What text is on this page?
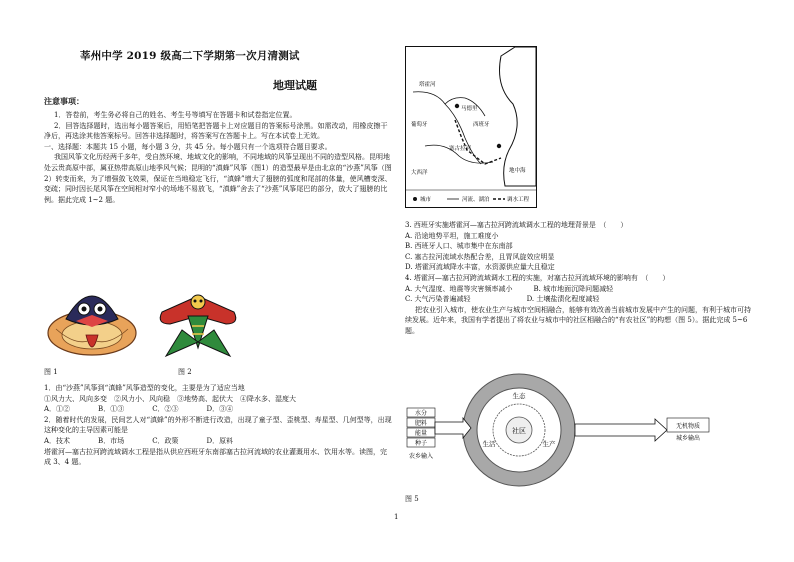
莘州中学 2019 级高二下学期第一次月清测试
地理试题
注意事项：

1．答卷前，考生务必将自己的姓名、考生号等填写在答题卡和试卷指定位置。

2．回答选择题时，选出每小题答案后，用铅笔把答题卡上对应题目的答案标号涂黑。如需改动，用橡皮擦干净后，再选涂其他答案标号。回答非选择题时，将答案写在答题卡上。写在本试卷上无效。

一、选择题：本题共 15 小题，每小题 3 分，共 45 分。每小题只有一个选项符合题目要求。

我国风筝文化历经两千多年，受自然环境、地域文化的影响，不同地域的风筝呈现出不同的造型风格。昆明地处云贵高原中部，属亚热带高原山地季风气候；昆明的“滇蜂”风筝（图1）的造型最早是由北京的“沙燕”风筝（图2）转变而来，为了增强敛飞效果，保证在当地稳定飞行，“滇蜂”增大了翅膀的弧度和尾部的体量，使风槽变深、变疏；同时因长尾风筝在空间相对窄小的场地不易放飞，“滇蜂”舍去了“沙燕”风筝尾巴的部分，放大了翅膀的比例。据此完成 1~2 题。

图 1	图 2

1．由“沙燕”风筝到“滇蜂”风筝造型的变化，主要是为了适应当地

①风力大、风向多变　②风力小、风向稳　③地势高、起伏大　④降水多、湿度大

A．①②　　　　B．①③　　　　C．②③　　　　D．③④

2．随着时代的发展，民间艺人对“滇蜂”的外形不断进行改造，出现了童子型、歪桃型、寿星型、几何型等，出现这种变化的主导因素可能是

A．技术　　　　B．市场　　　　C．政策　　　　D．原料

塔霍河—塞古拉河跨流域调水工程是指从供应西班牙东南部塞古拉河流域的农业灌溉用水、饮用水等。读图，完成 3、4 题。

马德里
塔霍河
塞古拉河
大西洋	地中海
西班牙
葡萄牙
城市	河流、湖泊	调水工程

3. 西班牙实施塔霍河—塞古拉河跨流域调水工程的地理背景是　（　　）

A. 沿途地势平坦，施工难度小

B. 西班牙人口、城市集中在东南部

C. 塞古拉河流域水热配合差，且胃风旋效应明显

D. 塔霍河流域降水丰富，水资源供应量大且稳定

4. 塔霍河—塞古拉河跨流域调水工程的实施，对塞古拉河流域环境的影响有　（　　）

A. 大气湿度、地震等灾害频率减小　　　	B. 城市地面沉降问题减轻

C. 大气污染普遍减轻　　　　　　　　	D. 土壤盐渍化程度减轻

把农业引入城市，使农业生产与城市空间相融合，能够有效改善当前城市发展中产生的问题，有利于城市可持续发展。近年来，我国有学者提出了将农业与城市中的社区相融合的“有农社区”的构想（图 5）。据此完成 5~6 题。

社区
生态
生活	生产
水分
肥料
能量
种子
农乡输入
无机物质
城乡输出
图 5
1
